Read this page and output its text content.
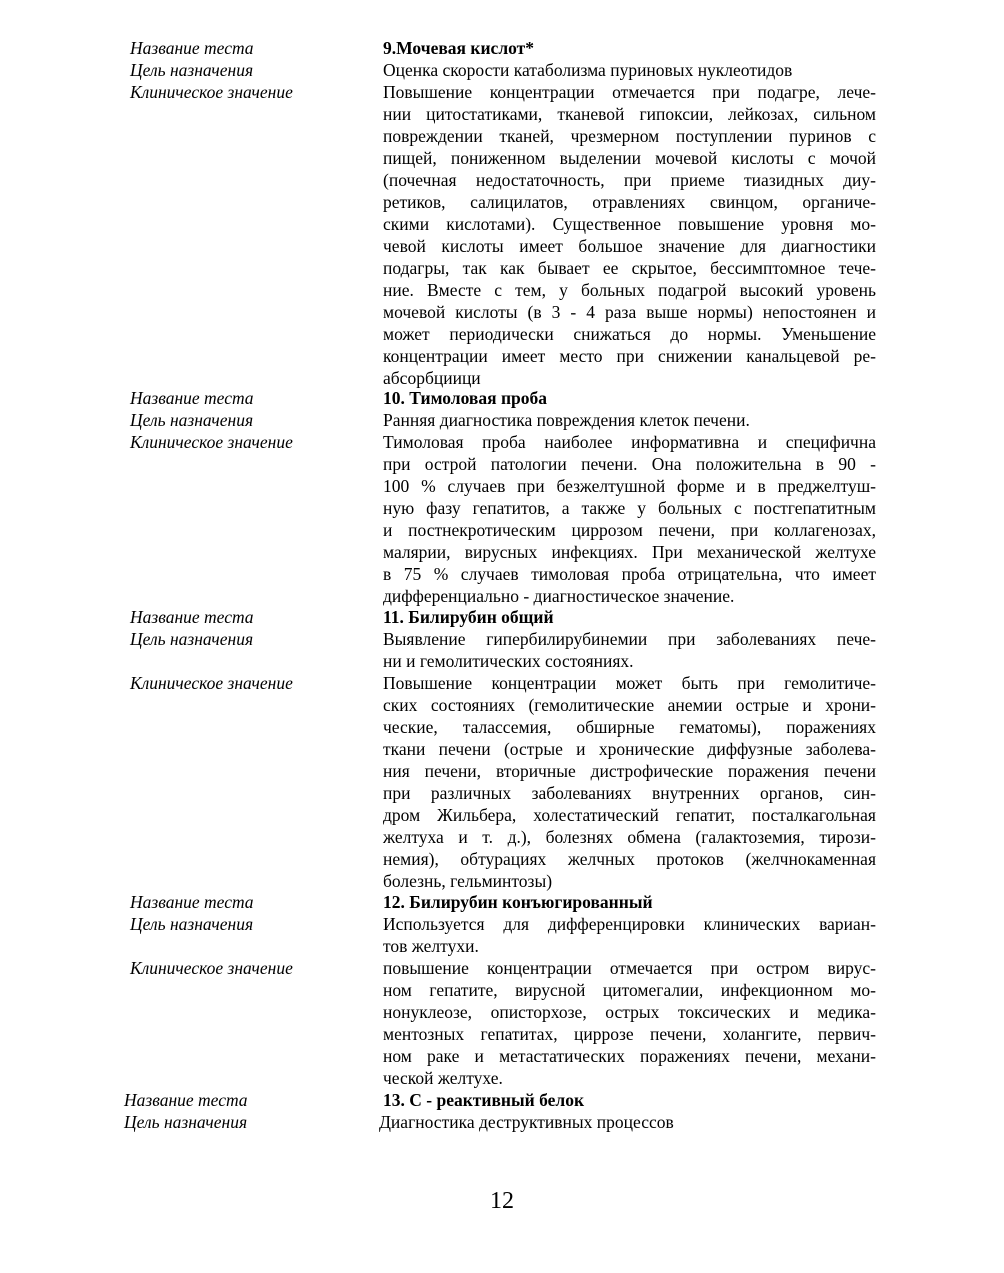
Название теста	9.Мочевая кислот*
Цель назначения	Оценка скорости катаболизма пуриновых нуклеотидов
Клиническое значение	Повышение концентрации отмечается при подагре, лече-
нии цитостатиками, тканевой гипоксии, лейкозах, сильном
повреждении тканей, чрезмерном поступлении пуринов с
пищей, пониженном выделении мочевой кислоты с мочой
(почечная недостаточность, при приеме тиазидных диу-
ретиков, салицилатов, отравлениях свинцом, органиче-
скими кислотами). Существенное повышение уровня мо-
чевой кислоты имеет большое значение для диагностики
подагры, так как бывает ее скрытое, бессимптомное тече-
ние. Вместе с тем, у больных подагрой высокий уровень
мочевой кислоты (в 3 - 4 раза выше нормы) непостоянен и
может периодически снижаться до нормы. Уменьшение
концентрации имеет место при снижении канальцевой ре-
абсорбциици
Название теста	10. Тимоловая проба
Цель назначения	Ранняя диагностика повреждения клеток печени.
Клиническое значение	Тимоловая проба наиболее информативна и специфична
при острой патологии печени. Она положительна в 90 -
100 % случаев при безжелтушной форме и в преджелтуш-
ную фазу гепатитов, а также у больных с постгепатитным
и постнекротическим циррозом печени, при коллагенозах,
малярии, вирусных инфекциях. При механической желтухе
в 75 % случаев тимоловая проба отрицательна, что имеет
дифференциально - диагностическое значение.
Название теста	11. Билирубин общий
Цель назначения	Выявление гипербилирубинемии при заболеваниях пече-
ни и гемолитических состояниях.
Клиническое значение	Повышение концентрации может быть при гемолитиче-
ских состояниях (гемолитические анемии острые и хрони-
ческие, талассемия, обширные гематомы), поражениях
ткани печени (острые и хронические диффузные заболева-
ния печени, вторичные дистрофические поражения печени
при различных заболеваниях внутренних органов, син-
дром Жильбера, холестатический гепатит, посталкагольная
желтуха и т. д.), болезнях обмена (галактоземия, тирози-
немия), обтурациях желчных протоков (желчнокаменная
болезнь, гельминтозы)
Название теста	12. Билирубин конъюгированный
Цель назначения	Используется для дифференцировки клинических вариан-
тов желтухи.
Клиническое значение	повышение концентрации отмечается при остром вирус-
ном гепатите, вирусной цитомегалии, инфекционном мо-
нонуклеозе, описторхозе, острых токсических и медика-
ментозных гепатитах, циррозе печени, холангите, первич-
ном раке и метастатических поражениях печени, механи-
ческой желтухе.
Название теста	13. С - реактивный белок
Цель назначения	Диагностика деструктивных процессов
12
